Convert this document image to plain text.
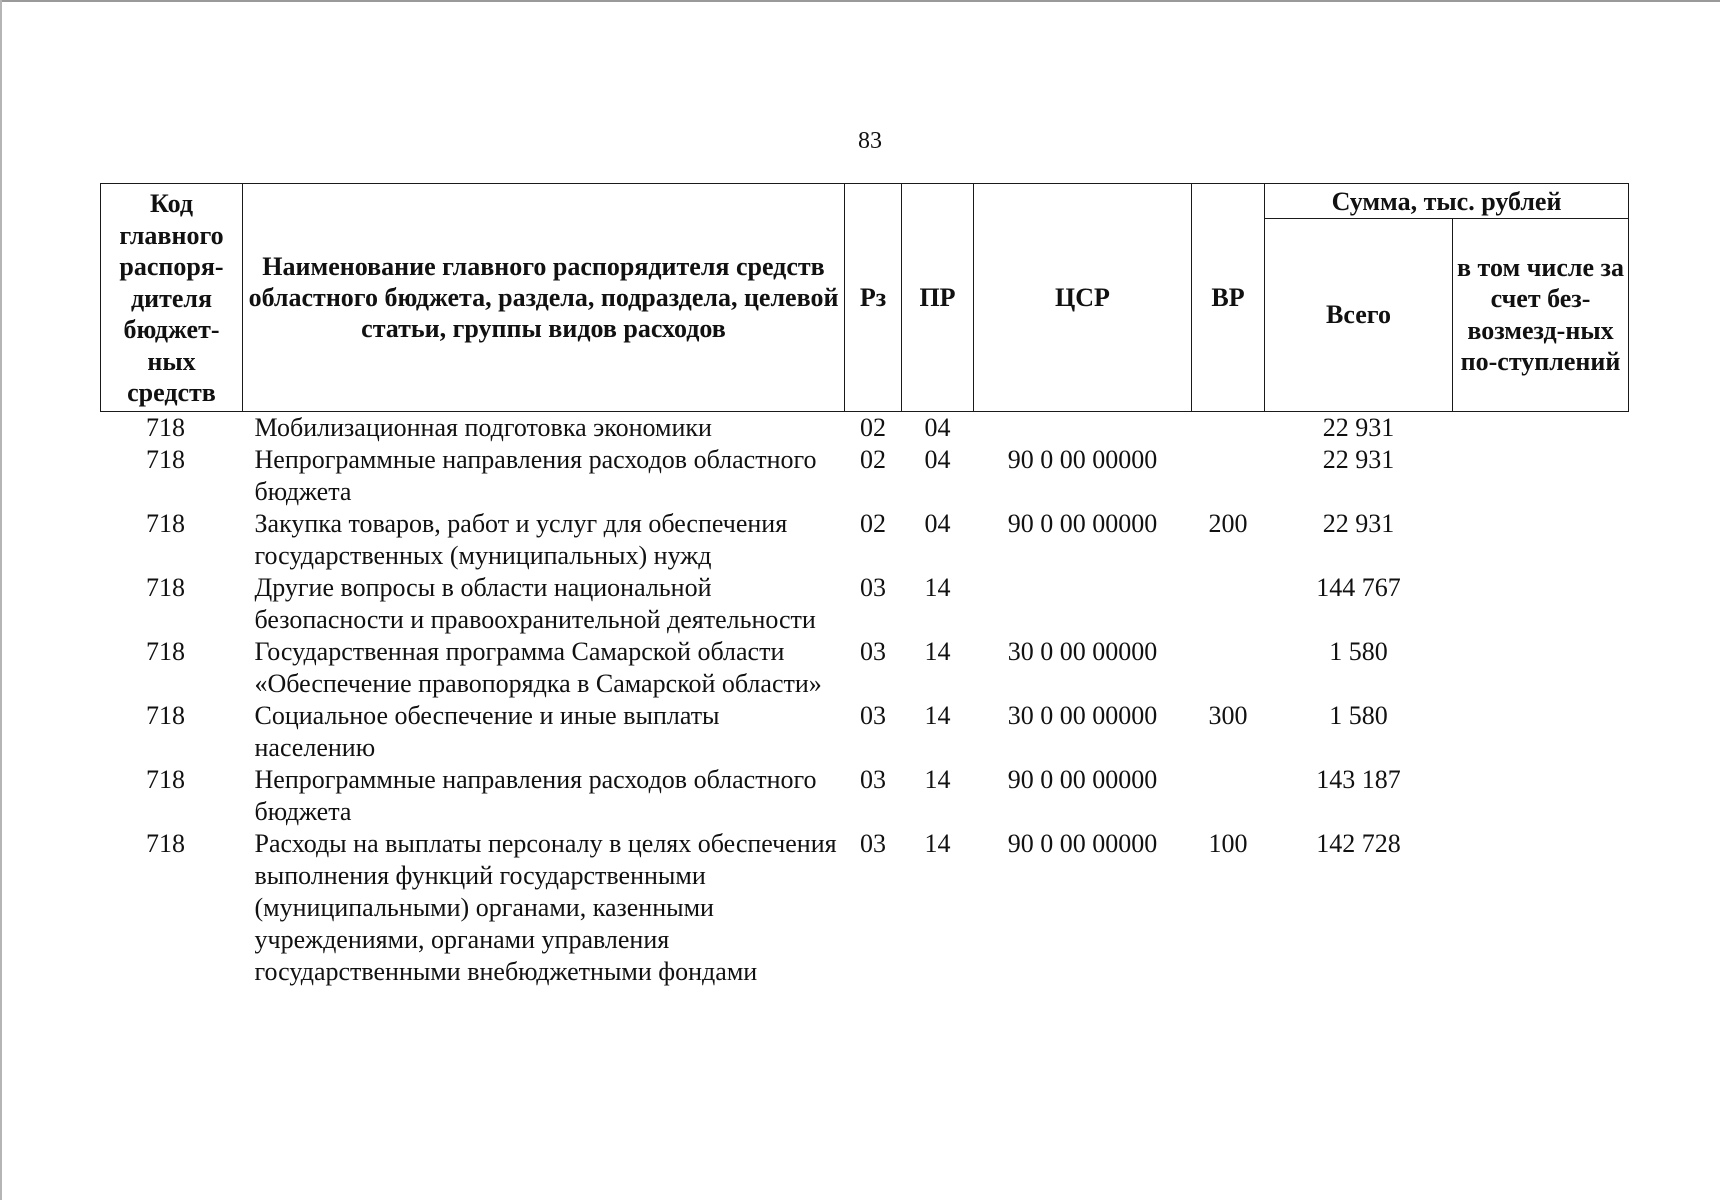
83
Код главного распоря-дителя бюджет-ных средств	Наименование главного распорядителя средств областного бюджета, раздела, подраздела, целевой статьи, группы видов расходов	Рз	ПР	ЦСР	ВР	Сумма, тыс. рублей	
						Всего	в том числе за счет без-возмезд-ных по-ступлений
718	Мобилизационная подготовка экономики	02	04			22 931	
718	Непрограммные направления расходов областного бюджета	02	04	90 0 00 00000		22 931	
718	Закупка товаров, работ и услуг для обеспечения государственных (муниципальных) нужд	02	04	90 0 00 00000	200	22 931	
718	Другие вопросы в области национальной безопасности и правоохранительной деятельности	03	14			144 767	
718	Государственная программа Самарской области «Обеспечение правопорядка в Самарской области»	03	14	30 0 00 00000		1 580	
718	Социальное обеспечение и иные выплаты населению	03	14	30 0 00 00000	300	1 580	
718	Непрограммные направления расходов областного бюджета	03	14	90 0 00 00000		143 187	
718	Расходы на выплаты персоналу в целях обеспечения выполнения функций государственными (муниципальными) органами, казенными учреждениями, органами управления государственными внебюджетными фондами	03	14	90 0 00 00000	100	142 728	
